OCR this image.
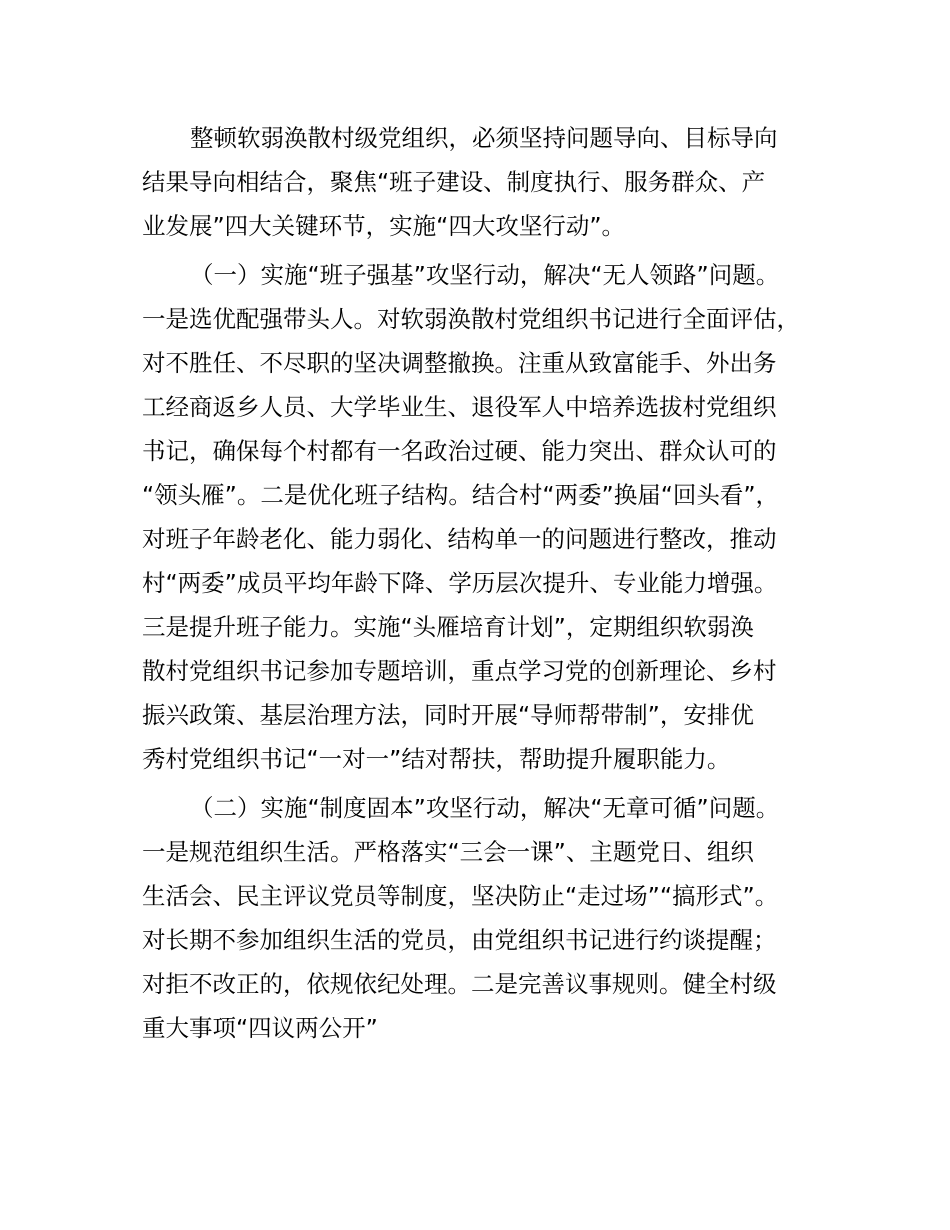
整顿软弱涣散村级党组织，必须坚持问题导向、目标导向
结果导向相结合，聚焦“班子建设、制度执行、服务群众、产
业发展”四大关键环节，实施“四大攻坚行动”。
（一）实施“班子强基”攻坚行动，解决“无人领路”问题。
一是选优配强带头人。对软弱涣散村党组织书记进行全面评估，
对不胜任、不尽职的坚决调整撤换。注重从致富能手、外出务
工经商返乡人员、大学毕业生、退役军人中培养选拔村党组织
书记，确保每个村都有一名政治过硬、能力突出、群众认可的
“领头雁”。二是优化班子结构。结合村“两委”换届“回头看”，
对班子年龄老化、能力弱化、结构单一的问题进行整改，推动
村“两委”成员平均年龄下降、学历层次提升、专业能力增强。
三是提升班子能力。实施“头雁培育计划”，定期组织软弱涣
散村党组织书记参加专题培训，重点学习党的创新理论、乡村
振兴政策、基层治理方法，同时开展“导师帮带制”，安排优
秀村党组织书记“一对一”结对帮扶，帮助提升履职能力。
（二）实施“制度固本”攻坚行动，解决“无章可循”问题。
一是规范组织生活。严格落实“三会一课”、主题党日、组织
生活会、民主评议党员等制度，坚决防止“走过场”“搞形式”。
对长期不参加组织生活的党员，由党组织书记进行约谈提醒；
对拒不改正的，依规依纪处理。二是完善议事规则。健全村级
重大事项“四议两公开”
